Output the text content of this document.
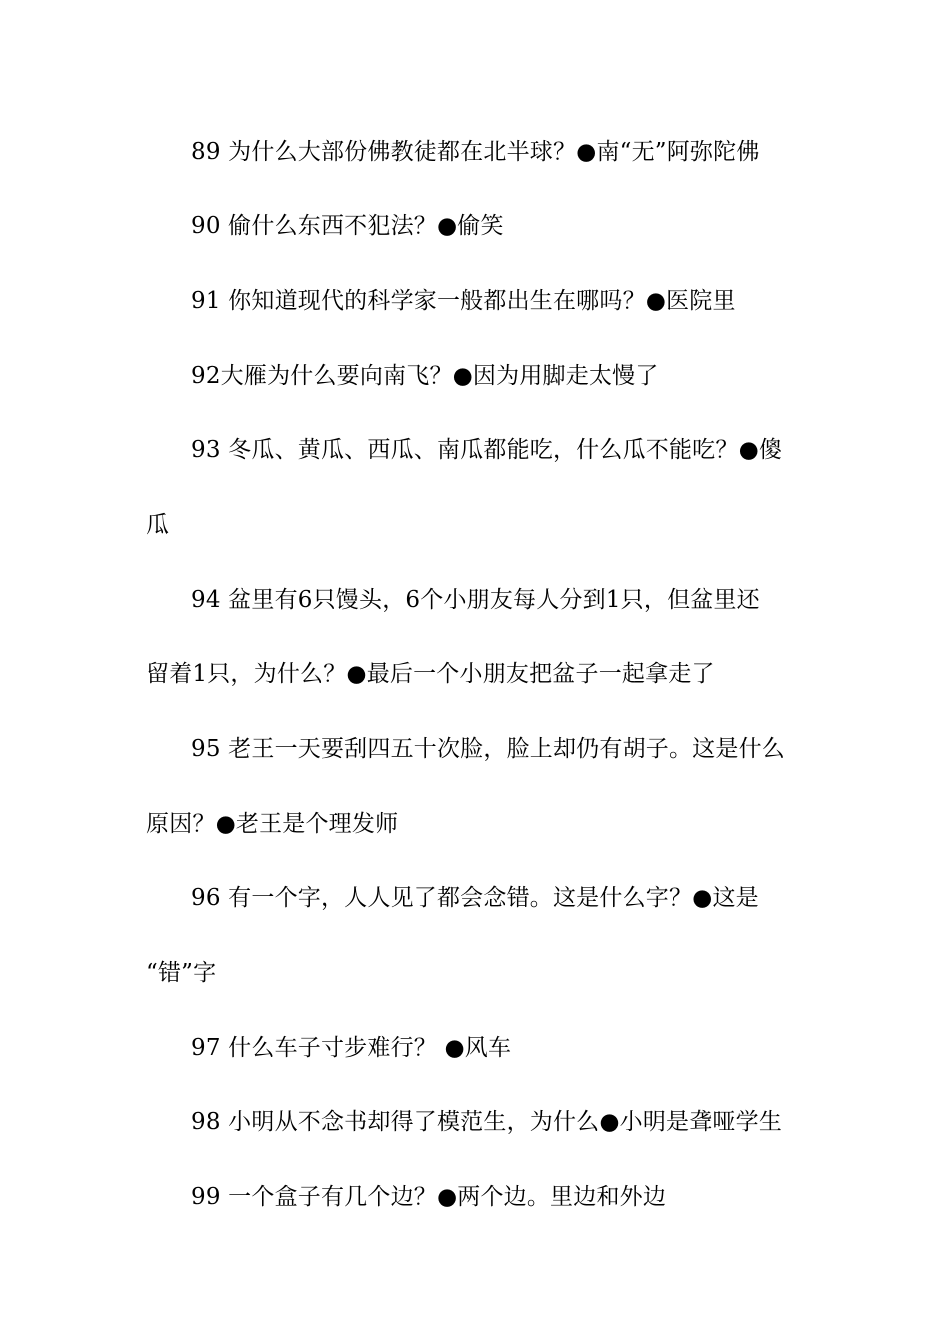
89 为什么大部份佛教徒都在北半球？●南“无”阿弥陀佛
90 偷什么东西不犯法？●偷笑
91 你知道现代的科学家一般都出生在哪吗？●医院里
92大雁为什么要向南飞？●因为用脚走太慢了
93 冬瓜、黄瓜、西瓜、南瓜都能吃，什么瓜不能吃？●傻
瓜
94 盆里有6只馒头，6个小朋友每人分到1只，但盆里还
留着1只，为什么？●最后一个小朋友把盆子一起拿走了
95 老王一天要刮四五十次脸，脸上却仍有胡子。这是什么
原因？●老王是个理发师
96 有一个字，人人见了都会念错。这是什么字？●这是
“错”字
97 什么车子寸步难行？ ●风车
98 小明从不念书却得了模范生，为什么●小明是聋哑学生
99 一个盒子有几个边？●两个边。里边和外边
